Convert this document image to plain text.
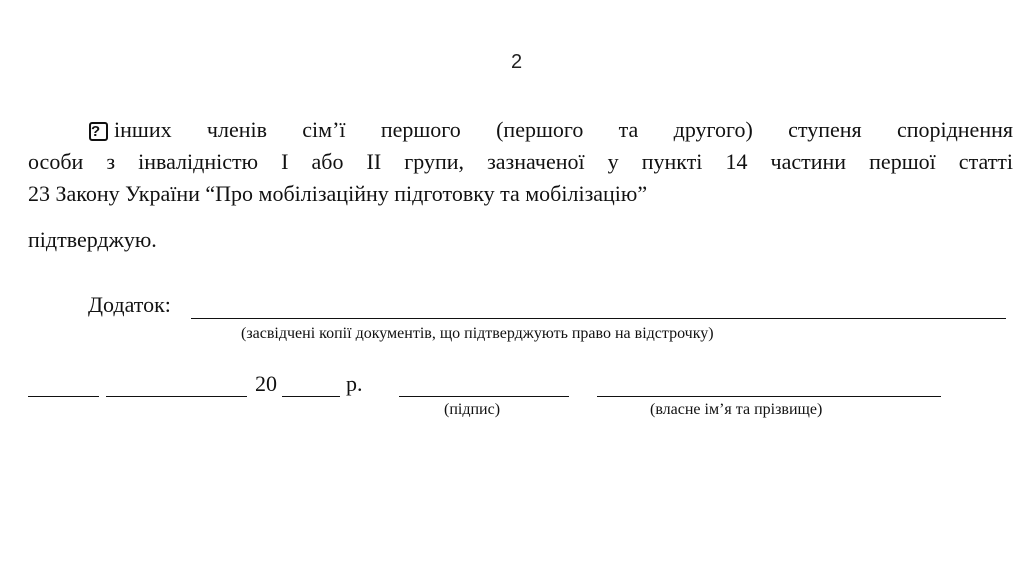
2
? інших членів сім’ї першого (першого та другого) ступеня споріднення
особи з інвалідністю I або II групи, зазначеної у пункті 14 частини першої статті
23 Закону України “Про мобілізаційну підготовку та мобілізацію”
підтверджую.
Додаток:
(засвідчені копії документів, що підтверджують право на відстрочку)
20	р.
(підпис)	(власне ім’я та прізвище)
